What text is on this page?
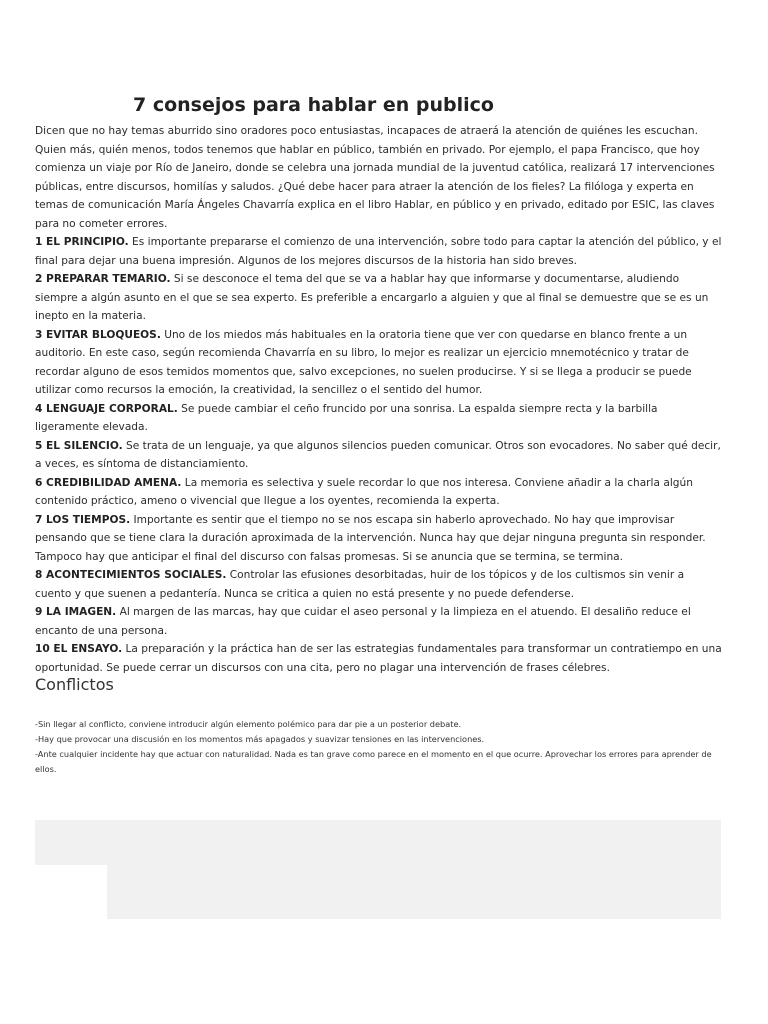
7 consejos para hablar en publico

Dicen que no hay temas aburrido sino oradores poco entusiastas, incapaces de atraerá la atención de quiénes les escuchan. Quien más, quién menos, todos tenemos que hablar en público, también en privado. Por ejemplo, el papa Francisco, que hoy comienza un viaje por Río de Janeiro, donde se celebra una jornada mundial de la juventud católica, realizará 17 intervenciones públicas, entre discursos, homilías y saludos. ¿Qué debe hacer para atraer la atención de los fieles? La filóloga y experta en temas de comunicación María Ángeles Chavarría explica en el libro Hablar, en público y en privado, editado por ESIC, las claves para no cometer errores.

1 EL PRINCIPIO. Es importante prepararse el comienzo de una intervención, sobre todo para captar la atención del público, y el final para dejar una buena impresión. Algunos de los mejores discursos de la historia han sido breves.

2 PREPARAR TEMARIO. Si se desconoce el tema del que se va a hablar hay que informarse y documentarse, aludiendo siempre a algún asunto en el que se sea experto. Es preferible a encargarlo a alguien y que al final se demuestre que se es un inepto en la materia.

3 EVITAR BLOQUEOS. Uno de los miedos más habituales en la oratoria tiene que ver con quedarse en blanco frente a un auditorio. En este caso, según recomienda Chavarría en su libro, lo mejor es realizar un ejercicio mnemotécnico y tratar de recordar alguno de esos temidos momentos que, salvo excepciones, no suelen producirse. Y si se llega a producir se puede utilizar como recursos la emoción, la creatividad, la sencillez o el sentido del humor.

4 LENGUAJE CORPORAL. Se puede cambiar el ceño fruncido por una sonrisa. La espalda siempre recta y la barbilla ligeramente elevada.

5 EL SILENCIO. Se trata de un lenguaje, ya que algunos silencios pueden comunicar. Otros son evocadores. No saber qué decir, a veces, es síntoma de distanciamiento.

6 CREDIBILIDAD AMENA. La memoria es selectiva y suele recordar lo que nos interesa. Conviene añadir a la charla algún contenido práctico, ameno o vivencial que llegue a los oyentes, recomienda la experta.

7 LOS TIEMPOS. Importante es sentir que el tiempo no se nos escapa sin haberlo aprovechado. No hay que improvisar pensando que se tiene clara la duración aproximada de la intervención. Nunca hay que dejar ninguna pregunta sin responder. Tampoco hay que anticipar el final del discurso con falsas promesas. Si se anuncia que se termina, se termina.

8 ACONTECIMIENTOS SOCIALES. Controlar las efusiones desorbitadas, huir de los tópicos y de los cultismos sin venir a cuento y que suenen a pedantería. Nunca se critica a quien no está presente y no puede defenderse.

9 LA IMAGEN. Al margen de las marcas, hay que cuidar el aseo personal y la limpieza en el atuendo. El desaliño reduce el encanto de una persona.

10 EL ENSAYO. La preparación y la práctica han de ser las estrategias fundamentales para transformar un contratiempo en una oportunidad. Se puede cerrar un discursos con una cita, pero no plagar una intervención de frases célebres.

Conflictos

-Sin llegar al conflicto, conviene introducir algún elemento polémico para dar pie a un posterior debate.

-Hay que provocar una discusión en los momentos más apagados y suavizar tensiones en las intervenciones.

-Ante cualquier incidente hay que actuar con naturalidad. Nada es tan grave como parece en el momento en el que ocurre. Aprovechar los errores para aprender de ellos.
